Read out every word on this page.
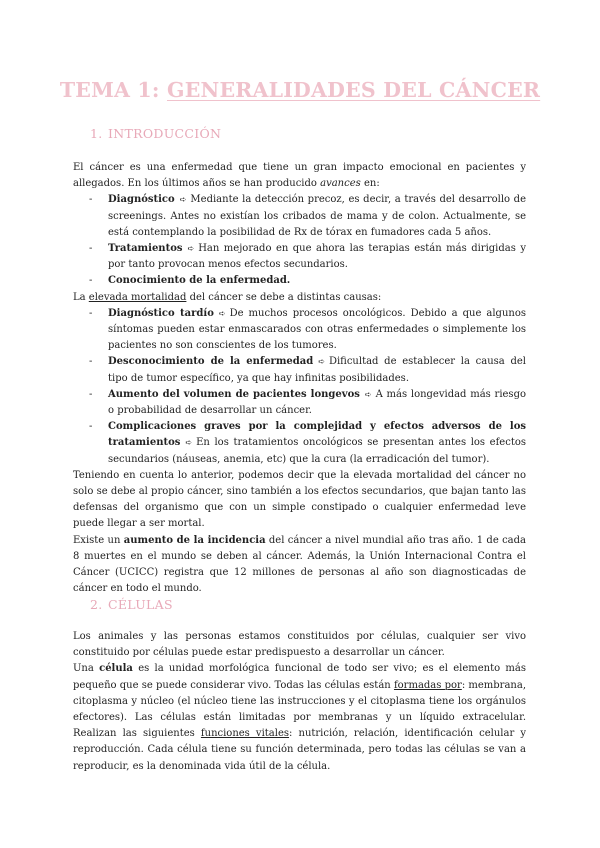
TEMA 1: GENERALIDADES DEL CÁNCER
1. INTRODUCCIÓN

El cáncer es una enfermedad que tiene un gran impacto emocional en pacientes y allegados. En los últimos años se han producido avances en:

- Diagnóstico ➪ Mediante la detección precoz, es decir, a través del desarrollo de screenings. Antes no existían los cribados de mama y de colon. Actualmente, se está contemplando la posibilidad de Rx de tórax en fumadores cada 5 años.
- Tratamientos ➪ Han mejorado en que ahora las terapias están más dirigidas y por tanto provocan menos efectos secundarios.
- Conocimiento de la enfermedad.

La elevada mortalidad del cáncer se debe a distintas causas:

- Diagnóstico tardío ➪ De muchos procesos oncológicos. Debido a que algunos síntomas pueden estar enmascarados con otras enfermedades o simplemente los pacientes no son conscientes de los tumores.
- Desconocimiento de la enfermedad ➪ Dificultad de establecer la causa del tipo de tumor específico, ya que hay infinitas posibilidades.
- Aumento del volumen de pacientes longevos ➪ A más longevidad más riesgo o probabilidad de desarrollar un cáncer.
- Complicaciones graves por la complejidad y efectos adversos de los tratamientos ➪ En los tratamientos oncológicos se presentan antes los efectos secundarios (náuseas, anemia, etc) que la cura (la erradicación del tumor).

Teniendo en cuenta lo anterior, podemos decir que la elevada mortalidad del cáncer no solo se debe al propio cáncer, sino también a los efectos secundarios, que bajan tanto las defensas del organismo que con un simple constipado o cualquier enfermedad leve puede llegar a ser mortal.

Existe un aumento de la incidencia del cáncer a nivel mundial año tras año. 1 de cada 8 muertes en el mundo se deben al cáncer. Además, la Unión Internacional Contra el Cáncer (UCICC) registra que 12 millones de personas al año son diagnosticadas de cáncer en todo el mundo.

2. CÉLULAS

Los animales y las personas estamos constituidos por células, cualquier ser vivo constituido por células puede estar predispuesto a desarrollar un cáncer.

Una célula es la unidad morfológica funcional de todo ser vivo; es el elemento más pequeño que se puede considerar vivo. Todas las células están formadas por: membrana, citoplasma y núcleo (el núcleo tiene las instrucciones y el citoplasma tiene los orgánulos efectores). Las células están limitadas por membranas y un líquido extracelular. Realizan las siguientes funciones vitales: nutrición, relación, identificación celular y reproducción. Cada célula tiene su función determinada, pero todas las células se van a reproducir, es la denominada vida útil de la célula.
